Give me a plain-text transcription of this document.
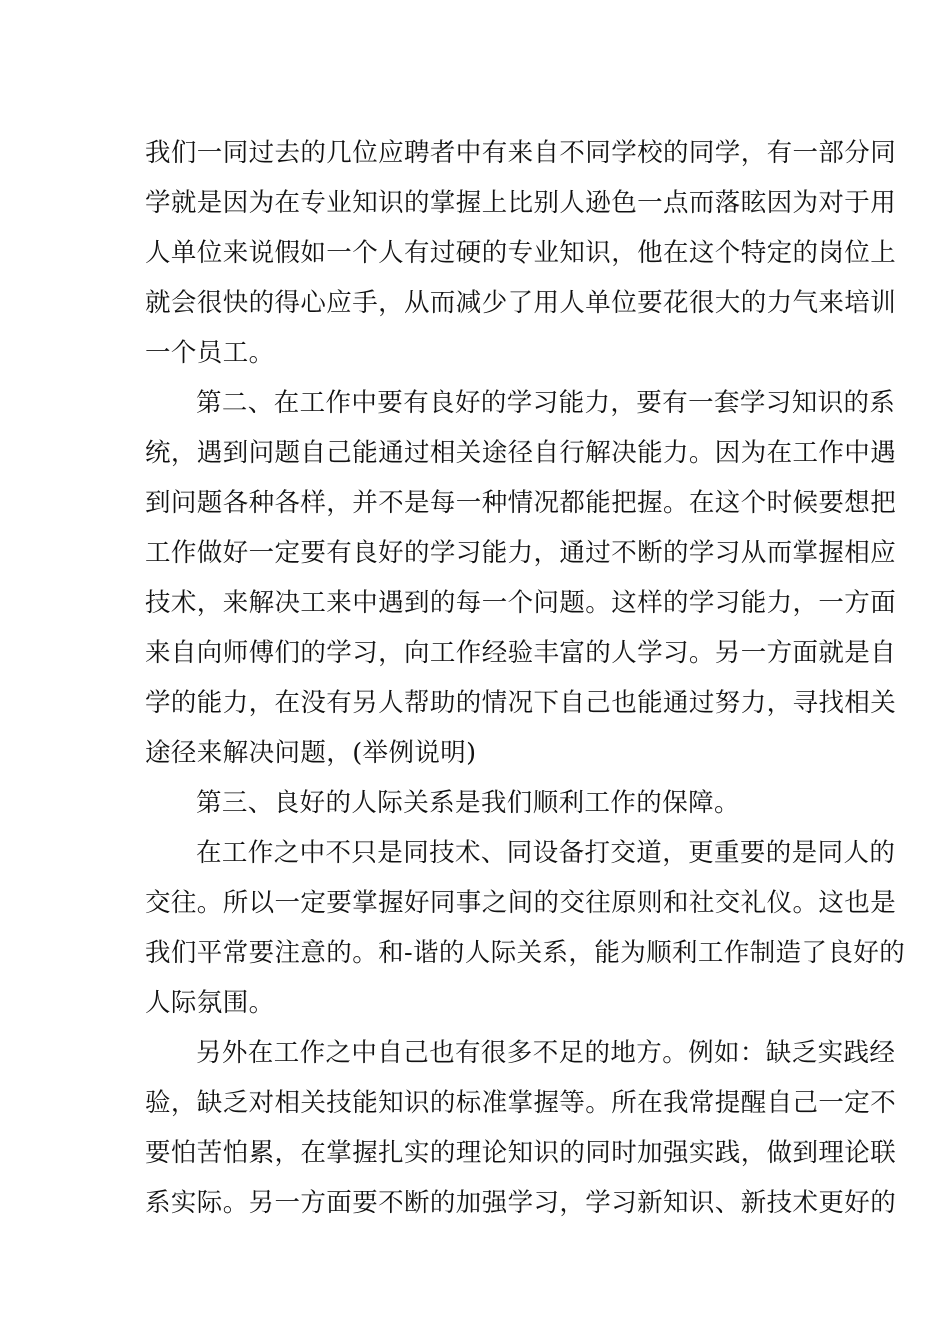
我们一同过去的几位应聘者中有来自不同学校的同学，有一部分同
学就是因为在专业知识的掌握上比别人逊色一点而落眩因为对于用
人单位来说假如一个人有过硬的专业知识，他在这个特定的岗位上
就会很快的得心应手，从而减少了用人单位要花很大的力气来培训
一个员工。

第二、在工作中要有良好的学习能力，要有一套学习知识的系
统，遇到问题自己能通过相关途径自行解决能力。因为在工作中遇
到问题各种各样，并不是每一种情况都能把握。在这个时候要想把
工作做好一定要有良好的学习能力，通过不断的学习从而掌握相应
技术，来解决工来中遇到的每一个问题。这样的学习能力，一方面
来自向师傅们的学习，向工作经验丰富的人学习。另一方面就是自
学的能力，在没有另人帮助的情况下自己也能通过努力，寻找相关
途径来解决问题，(举例说明)

第三、良好的人际关系是我们顺利工作的保障。

在工作之中不只是同技术、同设备打交道，更重要的是同人的
交往。所以一定要掌握好同事之间的交往原则和社交礼仪。这也是
我们平常要注意的。和-谐的人际关系，能为顺利工作制造了良好的
人际氛围。

另外在工作之中自己也有很多不足的地方。例如：缺乏实践经
验，缺乏对相关技能知识的标准掌握等。所在我常提醒自己一定不
要怕苦怕累，在掌握扎实的理论知识的同时加强实践，做到理论联
系实际。另一方面要不断的加强学习，学习新知识、新技术更好的
